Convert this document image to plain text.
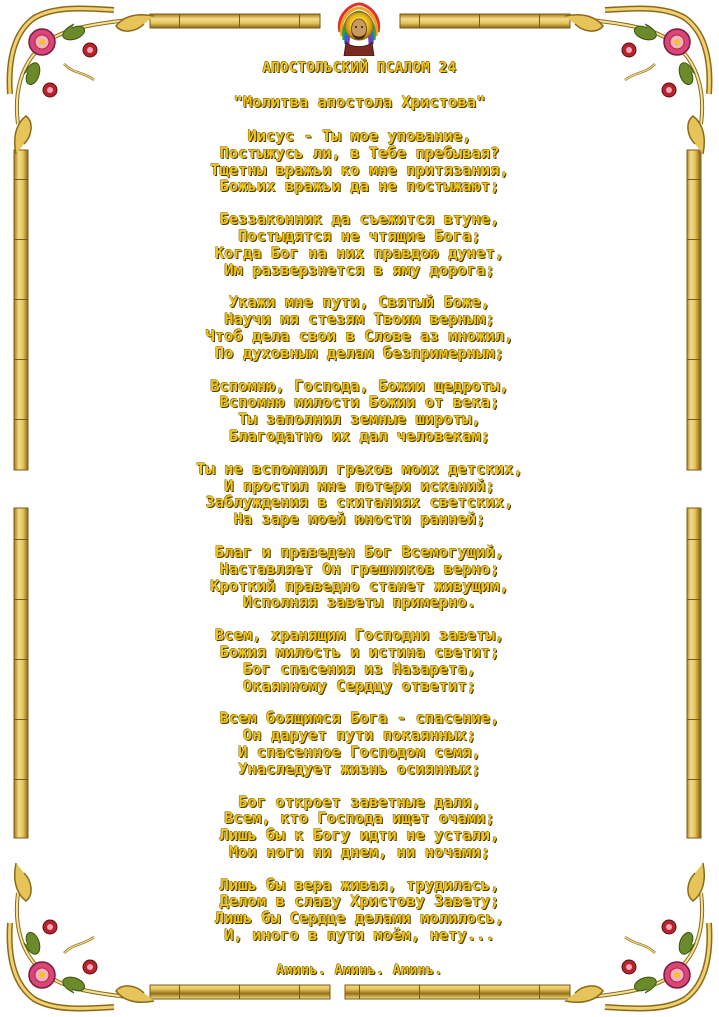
АПОСТОЛЬСКИЙ ПСАЛОМ 24
"Молитва апостола Христова"
Иисус - Ты мое упование,
Постыжусь ли, в Тебе пребывая?
Тщетны вражьи ко мне притязания,
Божьих вражьи да не постыжают;
Беззаконник да съежится втуне,
Постыдятся не чтящие Бога;
Когда Бог на них правдою дунет,
Им разверзнется в яму дорога;
Укажи мне пути, Святый Боже,
Научи мя стезям Твоим верным;
Чтоб дела свои в Слове аз множил,
По духовным делам безпримерным;
Вспомню, Господа, Божии щедроты,
Вспомню милости Божии от века;
Ты заполнил земные широты,
Благодатно их дал человекам;
Ты не вспомнил грехов моих детских,
И простил мне потери исканий;
Заблуждения в скитаниях светских,
На заре моей юности ранней;
Благ и праведен Бог Всемогущий,
Наставляет Он грешников верно;
Кроткий праведно станет живущим,
Исполняя заветы примерно.
Всем, хранящим Господни заветы,
Божия милость и истина светит;
Бог спасения из Назарета,
Окаянному Сердцу ответит;
Всем боящимся Бога - спасение,
Он дарует пути покаянных;
И спасенное Господом семя,
Унаследует жизнь осиянных;
Бог откроет заветные дали,
Всем, кто Господа ищет очами;
Лишь бы к Богу идти не устали,
Мои ноги ни днем, ни ночами;
Лишь бы вера живая, трудилась,
Делом в славу Христову Завету;
Лишь бы Сердце делами молилось,
И, иного в пути моём, нету...
Аминь. Аминь. Аминь.
